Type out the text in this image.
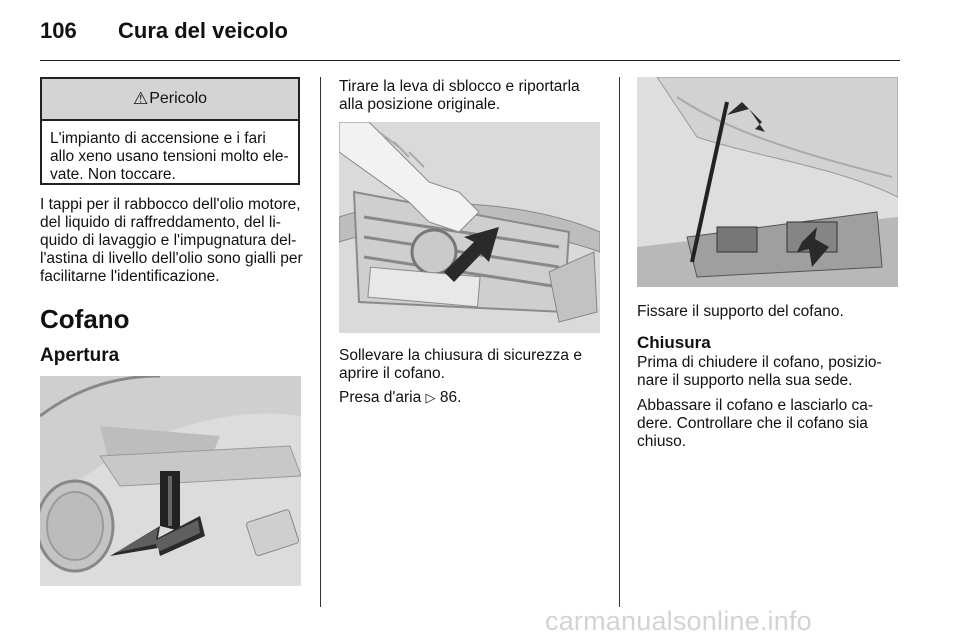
106 Cura del veicolo
⚠ Pericolo
L'impianto di accensione e i fari allo xeno usano tensioni molto ele-vate. Non toccare.

I tappi per il rabbocco dell'olio motore, del liquido di raffreddamento, del li-quido di lavaggio e l'impugnatura del-l'astina di livello dell'olio sono gialli per facilitarne l'identificazione.

Cofano
Apertura

Tirare la leva di sblocco e riportarla alla posizione originale.

Sollevare la chiusura di sicurezza e aprire il cofano.

Presa d'aria ▷ 86.

Fissare il supporto del cofano.

Chiusura

Prima di chiudere il cofano, posizio-nare il supporto nella sua sede.

Abbassare il cofano e lasciarlo ca-dere. Controllare che il cofano sia chiuso.

carmanualsonline.info
